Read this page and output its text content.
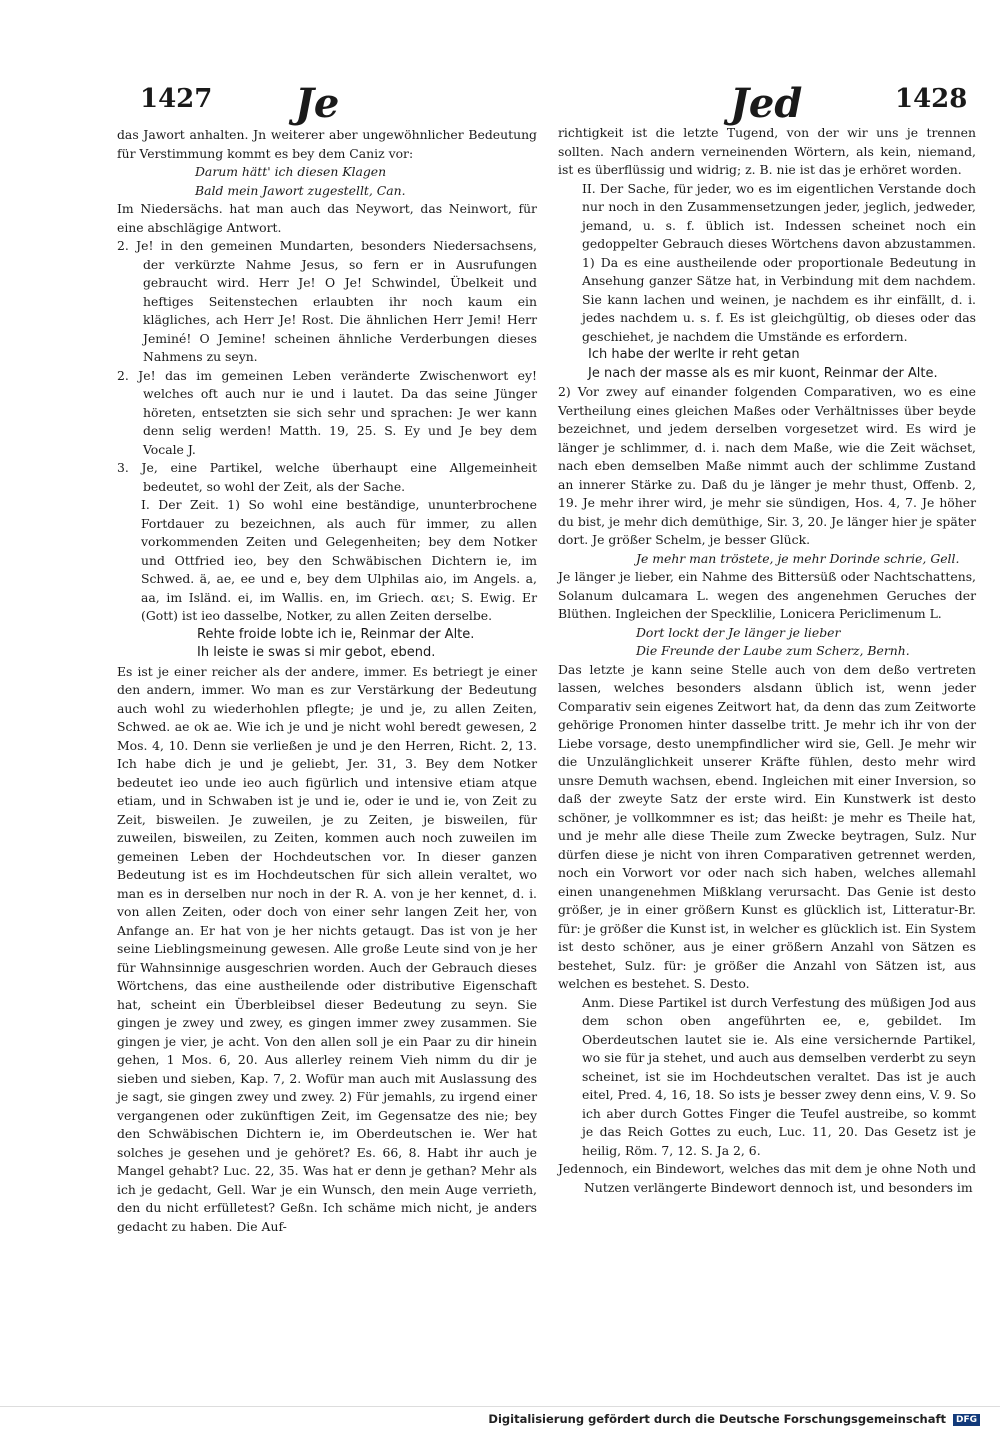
1427 Je	Jed	1428

das Jawort anhalten. Jn weiterer aber ungewöhnlicher Bedeutung für Verstimmung kommt es bey dem Caniz vor:

Darum hätt' ich diesen Klagen

Bald mein Jawort zugestellt, Can.

Im Niedersächs. hat man auch das Neywort, das Neinwort, für eine abschlägige Antwort.

2. Je! in den gemeinen Mundarten, besonders Niedersachsens, der verkürzte Nahme Jesus, so fern er in Ausrufungen gebraucht wird. Herr Je! O Je! Schwindel, Übelkeit und heftiges Seitenstechen erlaubten ihr noch kaum ein klägliches, ach Herr Je! Rost. Die ähnlichen Herr Jemi! Herr Jeminé! O Jemine! scheinen ähnliche Verderbungen dieses Nahmens zu seyn.

2. Je! das im gemeinen Leben veränderte Zwischenwort ey! welches oft auch nur ie und i lautet. Da das seine Jünger höreten, entsetzten sie sich sehr und sprachen: Je wer kann denn selig werden! Matth. 19, 25. S. Ey und Je bey dem Vocale J.

3. Je, eine Partikel, welche überhaupt eine Allgemeinheit bedeutet, so wohl der Zeit, als der Sache.

I. Der Zeit. 1) So wohl eine beständige, ununterbrochene Fortdauer zu bezeichnen, als auch für immer, zu allen vorkommenden Zeiten und Gelegenheiten; bey dem Notker und Ottfried ieo, bey den Schwäbischen Dichtern ie, im Schwed. ä, ae, ee und e, bey dem Ulphilas aio, im Angels. a, aa, im Isländ. ei, im Wallis. en, im Griech. αει; S. Ewig. Er (Gott) ist ieo dasselbe, Notker, zu allen Zeiten derselbe.

Rehte froide lobte ich ie, Reinmar der Alte.

Ih leiste ie swas si mir gebot, ebend.

Es ist je einer reicher als der andere, immer. Es betriegt je einer den andern, immer. Wo man es zur Verstärkung der Bedeutung auch wohl zu wiederhohlen pflegte; je und je, zu allen Zeiten, Schwed. ae ok ae. Wie ich je und je nicht wohl beredt gewesen, 2 Mos. 4, 10. Denn sie verließen je und je den Herren, Richt. 2, 13. Ich habe dich je und je geliebt, Jer. 31, 3. Bey dem Notker bedeutet ieo unde ieo auch figürlich und intensive etiam atque etiam, und in Schwaben ist je und ie, oder ie und ie, von Zeit zu Zeit, bisweilen. Je zuweilen, je zu Zeiten, je bisweilen, für zuweilen, bisweilen, zu Zeiten, kommen auch noch zuweilen im gemeinen Leben der Hochdeutschen vor. In dieser ganzen Bedeutung ist es im Hochdeutschen für sich allein veraltet, wo man es in derselben nur noch in der R. A. von je her kennet, d. i. von allen Zeiten, oder doch von einer sehr langen Zeit her, von Anfange an. Er hat von je her nichts getaugt. Das ist von je her seine Lieblingsmeinung gewesen. Alle große Leute sind von je her für Wahnsinnige ausgeschrien worden. Auch der Gebrauch dieses Wörtchens, das eine austheilende oder distributive Eigenschaft hat, scheint ein Überbleibsel dieser Bedeutung zu seyn. Sie gingen je zwey und zwey, es gingen immer zwey zusammen. Sie gingen je vier, je acht. Von den allen soll je ein Paar zu dir hinein gehen, 1 Mos. 6, 20. Aus allerley reinem Vieh nimm du dir je sieben und sieben, Kap. 7, 2. Wofür man auch mit Auslassung des je sagt, sie gingen zwey und zwey. 2) Für jemahls, zu irgend einer vergangenen oder zukünftigen Zeit, im Gegensatze des nie; bey den Schwäbischen Dichtern ie, im Oberdeutschen ie. Wer hat solches je gesehen und je gehöret? Es. 66, 8. Habt ihr auch je Mangel gehabt? Luc. 22, 35. Was hat er denn je gethan? Mehr als ich je gedacht, Gell. War je ein Wunsch, den mein Auge verrieth, den du nicht erfülletest? Geßn. Ich schäme mich nicht, je anders gedacht zu haben. Die Auf-

richtigkeit ist die letzte Tugend, von der wir uns je trennen sollten. Nach andern verneinenden Wörtern, als kein, niemand, ist es überflüssig und widrig; z. B. nie ist das je erhöret worden.

II. Der Sache, für jeder, wo es im eigentlichen Verstande doch nur noch in den Zusammensetzungen jeder, jeglich, jedweder, jemand, u. s. f. üblich ist. Indessen scheinet noch ein gedoppelter Gebrauch dieses Wörtchens davon abzustammen. 1) Da es eine austheilende oder proportionale Bedeutung in Ansehung ganzer Sätze hat, in Verbindung mit dem nachdem. Sie kann lachen und weinen, je nachdem es ihr einfällt, d. i. jedes nachdem u. s. f. Es ist gleichgültig, ob dieses oder das geschiehet, je nachdem die Umstände es erfordern.

Ich habe der werlte ir reht getan

Je nach der masse als es mir kuont, Reinmar der Alte.

2) Vor zwey auf einander folgenden Comparativen, wo es eine Vertheilung eines gleichen Maßes oder Verhältnisses über beyde bezeichnet, und jedem derselben vorgesetzet wird. Es wird je länger je schlimmer, d. i. nach dem Maße, wie die Zeit wächset, nach eben demselben Maße nimmt auch der schlimme Zustand an innerer Stärke zu. Daß du je länger je mehr thust, Offenb. 2, 19. Je mehr ihrer wird, je mehr sie sündigen, Hos. 4, 7. Je höher du bist, je mehr dich demüthige, Sir. 3, 20. Je länger hier je später dort. Je größer Schelm, je besser Glück.

Je mehr man tröstete, je mehr Dorinde schrie, Gell.

Je länger je lieber, ein Nahme des Bittersüß oder Nachtschattens, Solanum dulcamara L. wegen des angenehmen Geruches der Blüthen. Ingleichen der Specklilie, Lonicera Periclimenum L.

Dort lockt der Je länger je lieber

Die Freunde der Laube zum Scherz, Bernh.

Das letzte je kann seine Stelle auch von dem deßo vertreten lassen, welches besonders alsdann üblich ist, wenn jeder Comparativ sein eigenes Zeitwort hat, da denn das zum Zeitworte gehörige Pronomen hinter dasselbe tritt. Je mehr ich ihr von der Liebe vorsage, desto unempfindlicher wird sie, Gell. Je mehr wir die Unzulänglichkeit unserer Kräfte fühlen, desto mehr wird unsre Demuth wachsen, ebend. Ingleichen mit einer Inversion, so daß der zweyte Satz der erste wird. Ein Kunstwerk ist desto schöner, je vollkommner es ist; das heißt: je mehr es Theile hat, und je mehr alle diese Theile zum Zwecke beytragen, Sulz. Nur dürfen diese je nicht von ihren Comparativen getrennet werden, noch ein Vorwort vor oder nach sich haben, welches allemahl einen unangenehmen Mißklang verursacht. Das Genie ist desto größer, je in einer größern Kunst es glücklich ist, Litteratur-Br. für: je größer die Kunst ist, in welcher es glücklich ist. Ein System ist desto schöner, aus je einer größern Anzahl von Sätzen es bestehet, Sulz. für: je größer die Anzahl von Sätzen ist, aus welchen es bestehet. S. Desto.

Anm. Diese Partikel ist durch Verfestung des müßigen Jod aus dem schon oben angeführten ee, e, gebildet. Im Oberdeutschen lautet sie ie. Als eine versichernde Partikel, wo sie für ja stehet, und auch aus demselben verderbt zu seyn scheinet, ist sie im Hochdeutschen veraltet. Das ist je auch eitel, Pred. 4, 16, 18. So ists je besser zwey denn eins, V. 9. So ich aber durch Gottes Finger die Teufel austreibe, so kommt je das Reich Gottes zu euch, Luc. 11, 20. Das Gesetz ist je heilig, Röm. 7, 12. S. Ja 2, 6.

Jedennoch, ein Bindewort, welches das mit dem je ohne Noth und Nutzen verlängerte Bindewort dennoch ist, und besonders im

Digitalisierung gefördert durch die Deutsche Forschungsgemeinschaft DFG
